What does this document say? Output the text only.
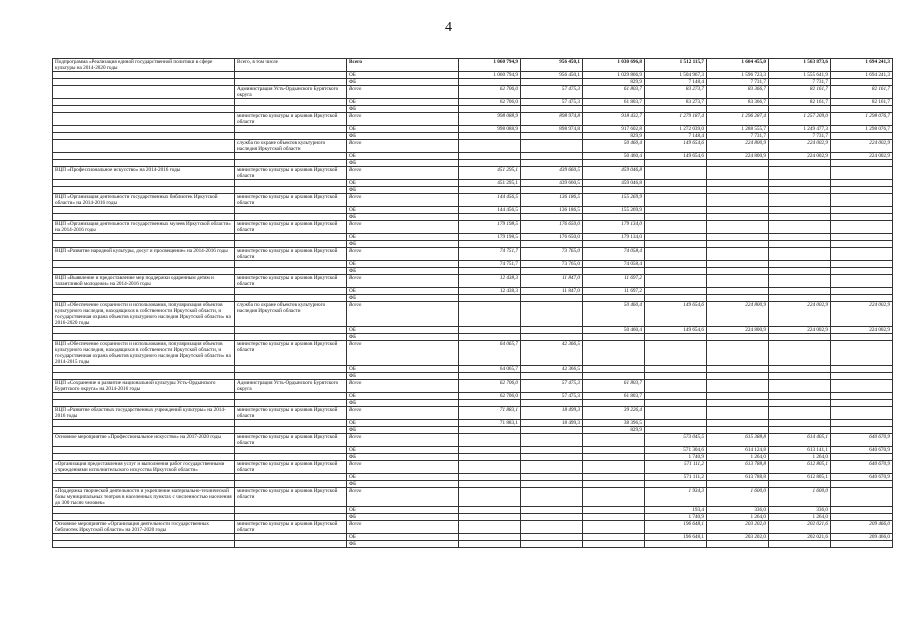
4
Подпрограмма «Реализация единой государственной политики в сфере культуры на 2014-2020 годы	Всего, в том числе	Всего	1 060 794,9	956 450,1	1 030 696,8	1 512 115,7	1 604 455,0	1 563 873,6	1 694 241,3
		ОБ	1 060 794,9	956 450,1	1 029 866,9	1 504 967,3	1 596 723,3	1 555 641,9	1 694 241,3
		ФБ			829,9	7 148,4	7 731,7	7 731,7	
	Администрация Усть-Ордынского Бурятского округа	Всего	62 706,0	57 475,3	61 803,7	83 273,7	83 366,7	82 161,7	82 161,7
		ОБ	62 706,0	57 475,3	61 803,7	83 273,7	83 366,7	82 161,7	82 161,7
		ФБ							
	министерство культуры и архивов Иркутской области	Всего	998 088,9	898 974,8	918 432,7	1 279 187,4	1 296 287,4	1 257 209,0	1 298 076,7
		ОБ	998 088,9	898 974,8	917 602,8	1 272 039,0	1 288 555,7	1 249 477,3	1 298 076,7
		ФБ			829,9	7 148,4	7 731,7	7 731,7	
	служба по охране объектов культурного наследия Иркутской области	Всего			50 460,4	149 654,6	224 800,9	224 002,9	224 002,9
		ОБ			50 460,4	149 654,6	224 800,9	224 002,9	224 002,9
		ФБ							
ВЦП «Профессиональное искусство» на 2014-2016 годы	министерство культуры и архивов Иркутской области	Всего	451 295,1	439 660,5	459 046,8				
		ОБ	451 295,1	439 660,5	459 046,8				
		ФБ							
ВЦП «Организация деятельности государственных библиотек Иркутской области» на 2014-2016 годы	министерство культуры и архивов Иркутской области	Всего	144 456,5	136 186,5	155 269,9				
		ОБ	144 456,5	136 186,5	155 269,9				
		ФБ							
ВЦП «Организация деятельности государственных музеев Иркутской области» на 2014-2016 годы	министерство культуры и архивов Иркутской области	Всего	179 198,5	176 650,0	179 134,0				
		ОБ	179 198,5	176 650,0	179 134,0				
		ФБ							
ВЦП «Развитие народной культуры, досуг и просвещение» на 2014-2016 годы	министерство культуры и архивов Иркутской области	Всего	74 751,7	73 765,0	74 058,4				
		ОБ	74 751,7	73 765,0	74 058,4				
		ФБ							
ВЦП «Выявление и предоставление мер поддержки одаренным детям и талантливой молодежи» на 2014-2016 годы	министерство культуры и архивов Иркутской области	Всего	12 438,3	11 847,0	11 697,2				
		ОБ	12 438,3	11 847,0	11 697,2				
		ФБ							
ВЦП «Обеспечение сохранности и использования, популяризация объектов культурного наследия, находящихся в собственности Иркутской области, и государственная охрана объектов культурного наследия Иркутской области» на 2016-2020 годы	служба по охране объектов культурного наследия Иркутской области	Всего			50 460,4	149 654,6	224 800,9	224 002,9	224 002,9
		ОБ			50 460,4	149 654,6	224 800,9	224 002,9	224 002,9
		ФБ							
ВЦП «Обеспечение сохранности и использования, популяризация объектов культурного наследия, находящихся в собственности Иркутской области, и государственная охрана объектов культурного наследия Иркутской области» на 2014-2015 годы	министерство культуры и архивов Иркутской области	Всего	64 065,7	42 366,5					
		ОБ	64 065,7	42 366,5					
		ФБ							
ВЦП «Сохранение и развитие национальной культуры Усть-Ордынского Бурятского округа» на 2014-2016 годы	Администрация Усть-Ордынского Бурятского округа	Всего	62 706,0	57 475,3	61 803,7				
		ОБ	62 706,0	57 475,3	61 803,7				
		ФБ							
ВЦП «Развитие областных государственных учреждений культуры» на 2014-2016 годы	министерство культуры и архивов Иркутской области	Всего	71 883,1	18 499,3	39 226,4				
		ОБ	71 883,1	18 499,3	38 396,5				
		ФБ			829,9				
Основное мероприятие «Профессиональное искусство» на 2017-2020 годы	министерство культуры и архивов Иркутской области	Всего				573 045,5	615 388,8	614 405,1	640 670,9
		ОБ				571 304,6	614 124,8	613 141,1	640 670,9
		ФБ				1 740,9	1 264,0	1 264,0	
«Организация предоставления услуг и выполнения работ государственными учреждениями исполнительского искусства Иркутской области»	министерство культуры и архивов Иркутской области	Всего				571 111,2	613 788,8	612 805,1	640 670,9
		ОБ				571 111,2	613 788,8	612 805,1	640 670,9
		ФБ							
«Поддержка творческой деятельности и укрепление материально-технической базы муниципальных театров в населенных пунктах с численностью населения до 300 тысяч человек»	министерство культуры и архивов Иркутской области	Всего				1 934,3	1 600,0	1 600,0	
		ОБ				193,4	336,0	336,0	
		ФБ				1 740,9	1 264,0	1 264,0	
Основное мероприятие «Организация деятельности государственных библиотек Иркутской области» на 2017-2020 годы	министерство культуры и архивов Иркутской области	Всего				196 648,1	203 202,0	202 021,6	209 466,0
		ОБ				196 648,1	203 202,0	202 021,6	209 466,0
		ФБ							
